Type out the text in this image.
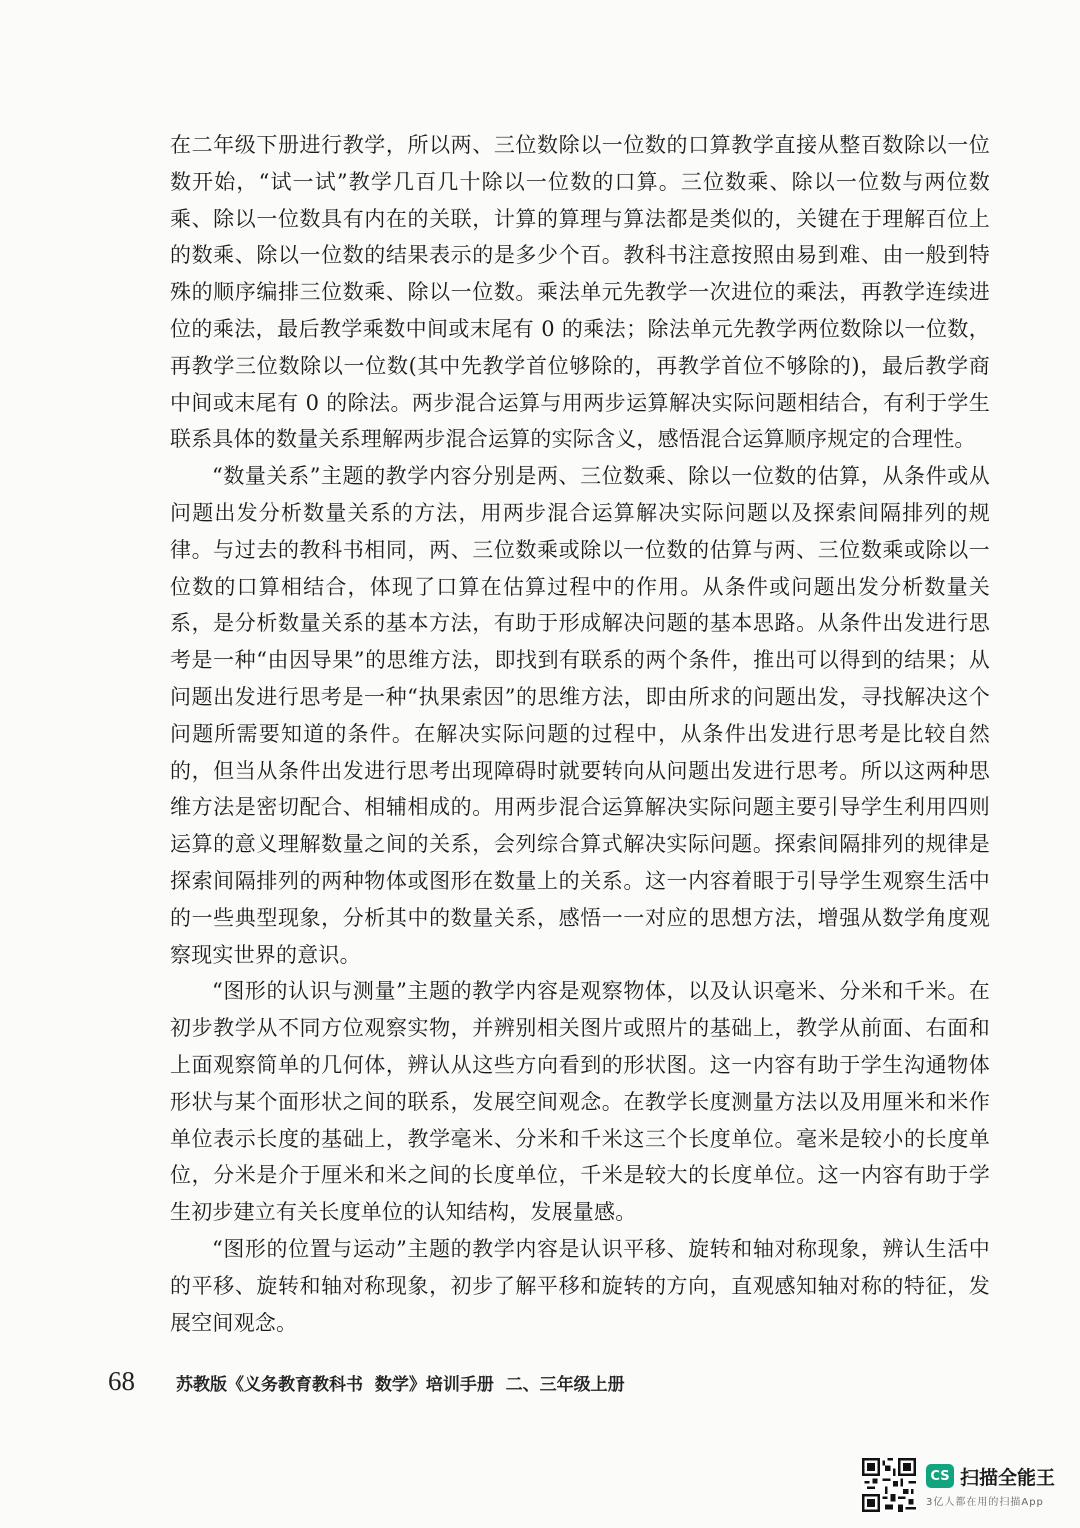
在二年级下册进行教学，所以两、三位数除以一位数的口算教学直接从整百数除以一位数开始，“试一试”教学几百几十除以一位数的口算。三位数乘、除以一位数与两位数乘、除以一位数具有内在的关联，计算的算理与算法都是类似的，关键在于理解百位上的数乘、除以一位数的结果表示的是多少个百。教科书注意按照由易到难、由一般到特殊的顺序编排三位数乘、除以一位数。乘法单元先教学一次进位的乘法，再教学连续进位的乘法，最后教学乘数中间或末尾有 0 的乘法；除法单元先教学两位数除以一位数，再教学三位数除以一位数(其中先教学首位够除的，再教学首位不够除的)，最后教学商中间或末尾有 0 的除法。两步混合运算与用两步运算解决实际问题相结合，有利于学生联系具体的数量关系理解两步混合运算的实际含义，感悟混合运算顺序规定的合理性。

“数量关系”主题的教学内容分别是两、三位数乘、除以一位数的估算，从条件或从问题出发分析数量关系的方法，用两步混合运算解决实际问题以及探索间隔排列的规律。与过去的教科书相同，两、三位数乘或除以一位数的估算与两、三位数乘或除以一位数的口算相结合，体现了口算在估算过程中的作用。从条件或问题出发分析数量关系，是分析数量关系的基本方法，有助于形成解决问题的基本思路。从条件出发进行思考是一种“由因导果”的思维方法，即找到有联系的两个条件，推出可以得到的结果；从问题出发进行思考是一种“执果索因”的思维方法，即由所求的问题出发，寻找解决这个问题所需要知道的条件。在解决实际问题的过程中，从条件出发进行思考是比较自然的，但当从条件出发进行思考出现障碍时就要转向从问题出发进行思考。所以这两种思维方法是密切配合、相辅相成的。用两步混合运算解决实际问题主要引导学生利用四则运算的意义理解数量之间的关系，会列综合算式解决实际问题。探索间隔排列的规律是探索间隔排列的两种物体或图形在数量上的关系。这一内容着眼于引导学生观察生活中的一些典型现象，分析其中的数量关系，感悟一一对应的思想方法，增强从数学角度观察现实世界的意识。

“图形的认识与测量”主题的教学内容是观察物体，以及认识毫米、分米和千米。在初步教学从不同方位观察实物，并辨别相关图片或照片的基础上，教学从前面、右面和上面观察简单的几何体，辨认从这些方向看到的形状图。这一内容有助于学生沟通物体形状与某个面形状之间的联系，发展空间观念。在教学长度测量方法以及用厘米和米作单位表示长度的基础上，教学毫米、分米和千米这三个长度单位。毫米是较小的长度单位，分米是介于厘米和米之间的长度单位，千米是较大的长度单位。这一内容有助于学生初步建立有关长度单位的认知结构，发展量感。

“图形的位置与运动”主题的教学内容是认识平移、旋转和轴对称现象，辨认生活中的平移、旋转和轴对称现象，初步了解平移和旋转的方向，直观感知轴对称的特征，发展空间观念。

68	苏教版《义务教育教科书  数学》培训手册  二、三年级上册
CS 扫描全能王
3亿人都在用的扫描App
